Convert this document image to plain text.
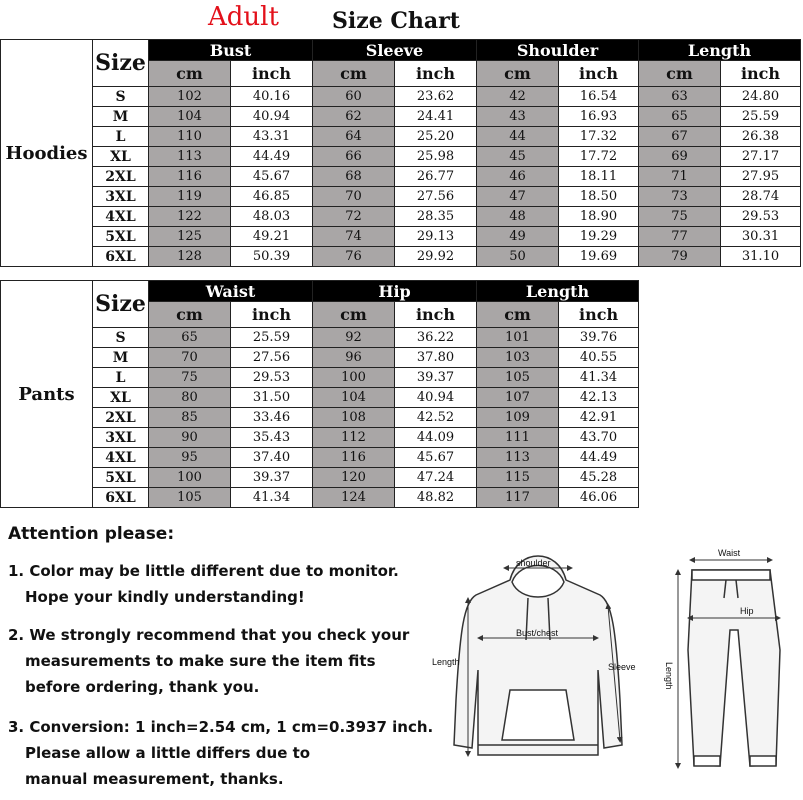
Adult Size Chart
Hoodies	Size	Bust		Sleeve		Shoulder		Length	
		cm	inch	cm	inch	cm	inch	cm	inch
	S	102	40.16	60	23.62	42	16.54	63	24.80
	M	104	40.94	62	24.41	43	16.93	65	25.59
	L	110	43.31	64	25.20	44	17.32	67	26.38
	XL	113	44.49	66	25.98	45	17.72	69	27.17
	2XL	116	45.67	68	26.77	46	18.11	71	27.95
	3XL	119	46.85	70	27.56	47	18.50	73	28.74
	4XL	122	48.03	72	28.35	48	18.90	75	29.53
	5XL	125	49.21	74	29.13	49	19.29	77	30.31
	6XL	128	50.39	76	29.92	50	19.69	79	31.10
Pants	Size	Waist		Hip		Length		
		cm	inch	cm	inch	cm	inch	
	S	65	25.59	92	36.22	101	39.76	
	M	70	27.56	96	37.80	103	40.55	
	L	75	29.53	100	39.37	105	41.34	
	XL	80	31.50	104	40.94	107	42.13	
	2XL	85	33.46	108	42.52	109	42.91	
	3XL	90	35.43	112	44.09	111	43.70	
	4XL	95	37.40	116	45.67	113	44.49	
	5XL	100	39.37	120	47.24	115	45.28	
	6XL	105	41.34	124	48.82	117	46.06	
Attention please:
1. Color may be little different due to monitor.
Hope your kindly understanding!
2. We strongly recommend that you check your
measurements to make sure the item fits
before ordering, thank you.
3. Conversion: 1 inch=2.54 cm, 1 cm=0.3937 inch.
Please allow a little differs due to
manual measurement, thanks.
shoulder
Bust/chest
Length	Sleeve
Waist
Hip
Length
